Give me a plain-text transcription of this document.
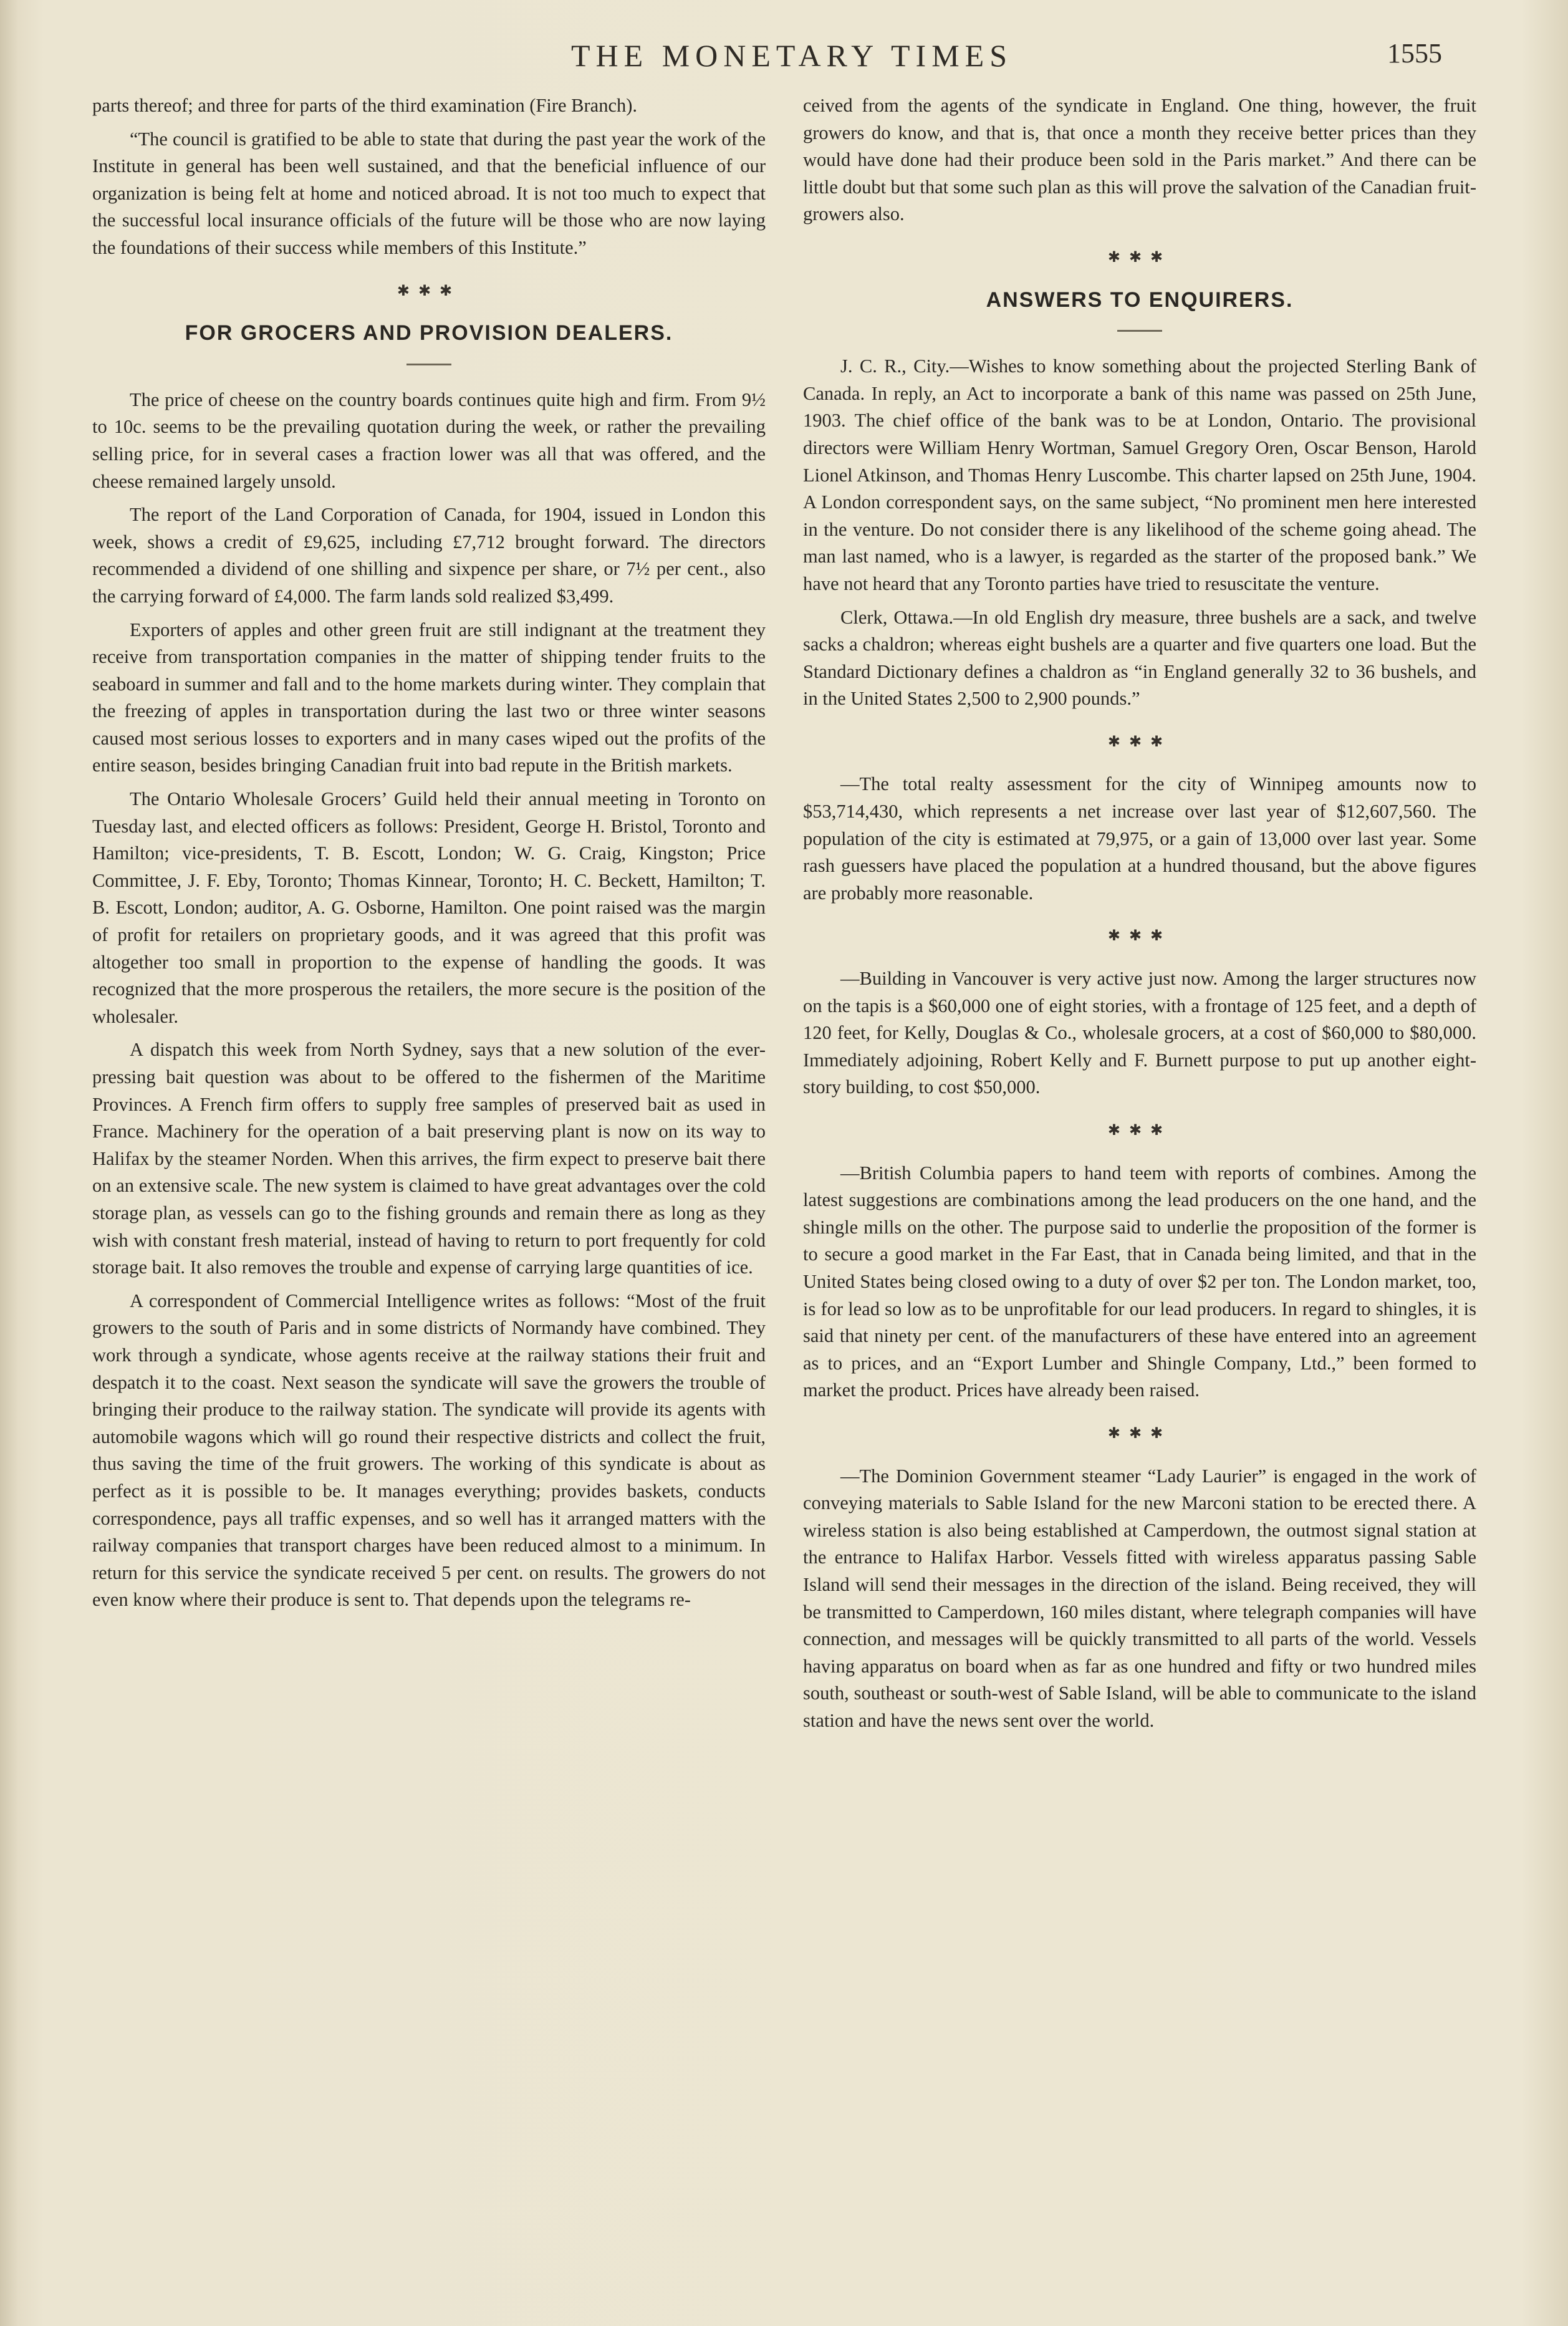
THE MONETARY TIMES	1555

parts thereof; and three for parts of the third examination (Fire Branch).

“The council is gratified to be able to state that during the past year the work of the Institute in general has been well sustained, and that the beneficial influence of our organization is being felt at home and noticed abroad. It is not too much to expect that the successful local insurance officials of the future will be those who are now laying the foundations of their success while members of this Institute.”

✱✱✱
FOR GROCERS AND PROVISION DEALERS.

The price of cheese on the country boards continues quite high and firm. From 9½ to 10c. seems to be the prevailing quotation during the week, or rather the prevailing selling price, for in several cases a fraction lower was all that was offered, and the cheese remained largely unsold.

The report of the Land Corporation of Canada, for 1904, issued in London this week, shows a credit of £9,625, including £7,712 brought forward. The directors recommended a dividend of one shilling and sixpence per share, or 7½ per cent., also the carrying forward of £4,000. The farm lands sold realized $3,499.

Exporters of apples and other green fruit are still indignant at the treatment they receive from transportation companies in the matter of shipping tender fruits to the seaboard in summer and fall and to the home markets during winter. They complain that the freezing of apples in transportation during the last two or three winter seasons caused most serious losses to exporters and in many cases wiped out the profits of the entire season, besides bringing Canadian fruit into bad repute in the British markets.

The Ontario Wholesale Grocers’ Guild held their annual meeting in Toronto on Tuesday last, and elected officers as follows: President, George H. Bristol, Toronto and Hamilton; vice-presidents, T. B. Escott, London; W. G. Craig, Kingston; Price Committee, J. F. Eby, Toronto; Thomas Kinnear, Toronto; H. C. Beckett, Hamilton; T. B. Escott, London; auditor, A. G. Osborne, Hamilton. One point raised was the margin of profit for retailers on proprietary goods, and it was agreed that this profit was altogether too small in proportion to the expense of handling the goods. It was recognized that the more prosperous the retailers, the more secure is the position of the wholesaler.

A dispatch this week from North Sydney, says that a new solution of the ever-pressing bait question was about to be offered to the fishermen of the Maritime Provinces. A French firm offers to supply free samples of preserved bait as used in France. Machinery for the operation of a bait preserving plant is now on its way to Halifax by the steamer Norden. When this arrives, the firm expect to preserve bait there on an extensive scale. The new system is claimed to have great advantages over the cold storage plan, as vessels can go to the fishing grounds and remain there as long as they wish with constant fresh material, instead of having to return to port frequently for cold storage bait. It also removes the trouble and expense of carrying large quantities of ice.

A correspondent of Commercial Intelligence writes as follows: “Most of the fruit growers to the south of Paris and in some districts of Normandy have combined. They work through a syndicate, whose agents receive at the railway stations their fruit and despatch it to the coast. Next season the syndicate will save the growers the trouble of bringing their produce to the railway station. The syndicate will provide its agents with automobile wagons which will go round their respective districts and collect the fruit, thus saving the time of the fruit growers. The working of this syndicate is about as perfect as it is possible to be. It manages everything; provides baskets, conducts correspondence, pays all traffic expenses, and so well has it arranged matters with the railway companies that transport charges have been reduced almost to a minimum. In return for this service the syndicate received 5 per cent. on results. The growers do not even know where their produce is sent to. That depends upon the telegrams re-

ceived from the agents of the syndicate in England. One thing, however, the fruit growers do know, and that is, that once a month they receive better prices than they would have done had their produce been sold in the Paris market.” And there can be little doubt but that some such plan as this will prove the salvation of the Canadian fruit-growers also.

✱✱✱
ANSWERS TO ENQUIRERS.

J. C. R., City.—Wishes to know something about the projected Sterling Bank of Canada. In reply, an Act to incorporate a bank of this name was passed on 25th June, 1903. The chief office of the bank was to be at London, Ontario. The provisional directors were William Henry Wortman, Samuel Gregory Oren, Oscar Benson, Harold Lionel Atkinson, and Thomas Henry Luscombe. This charter lapsed on 25th June, 1904. A London correspondent says, on the same subject, “No prominent men here interested in the venture. Do not consider there is any likelihood of the scheme going ahead. The man last named, who is a lawyer, is regarded as the starter of the proposed bank.” We have not heard that any Toronto parties have tried to resuscitate the venture.

Clerk, Ottawa.—In old English dry measure, three bushels are a sack, and twelve sacks a chaldron; whereas eight bushels are a quarter and five quarters one load. But the Standard Dictionary defines a chaldron as “in England generally 32 to 36 bushels, and in the United States 2,500 to 2,900 pounds.”

✱✱✱

—The total realty assessment for the city of Winnipeg amounts now to $53,714,430, which represents a net increase over last year of $12,607,560. The population of the city is estimated at 79,975, or a gain of 13,000 over last year. Some rash guessers have placed the population at a hundred thousand, but the above figures are probably more reasonable.

✱✱✱

—Building in Vancouver is very active just now. Among the larger structures now on the tapis is a $60,000 one of eight stories, with a frontage of 125 feet, and a depth of 120 feet, for Kelly, Douglas & Co., wholesale grocers, at a cost of $60,000 to $80,000. Immediately adjoining, Robert Kelly and F. Burnett purpose to put up another eight-story building, to cost $50,000.

✱✱✱

—British Columbia papers to hand teem with reports of combines. Among the latest suggestions are combinations among the lead producers on the one hand, and the shingle mills on the other. The purpose said to underlie the proposition of the former is to secure a good market in the Far East, that in Canada being limited, and that in the United States being closed owing to a duty of over $2 per ton. The London market, too, is for lead so low as to be unprofitable for our lead producers. In regard to shingles, it is said that ninety per cent. of the manufacturers of these have entered into an agreement as to prices, and an “Export Lumber and Shingle Company, Ltd.,” been formed to market the product. Prices have already been raised.

✱✱✱

—The Dominion Government steamer “Lady Laurier” is engaged in the work of conveying materials to Sable Island for the new Marconi station to be erected there. A wireless station is also being established at Camperdown, the outmost signal station at the entrance to Halifax Harbor. Vessels fitted with wireless apparatus passing Sable Island will send their messages in the direction of the island. Being received, they will be transmitted to Camperdown, 160 miles distant, where telegraph companies will have connection, and messages will be quickly transmitted to all parts of the world. Vessels having apparatus on board when as far as one hundred and fifty or two hundred miles south, southeast or south-west of Sable Island, will be able to communicate to the island station and have the news sent over the world.
